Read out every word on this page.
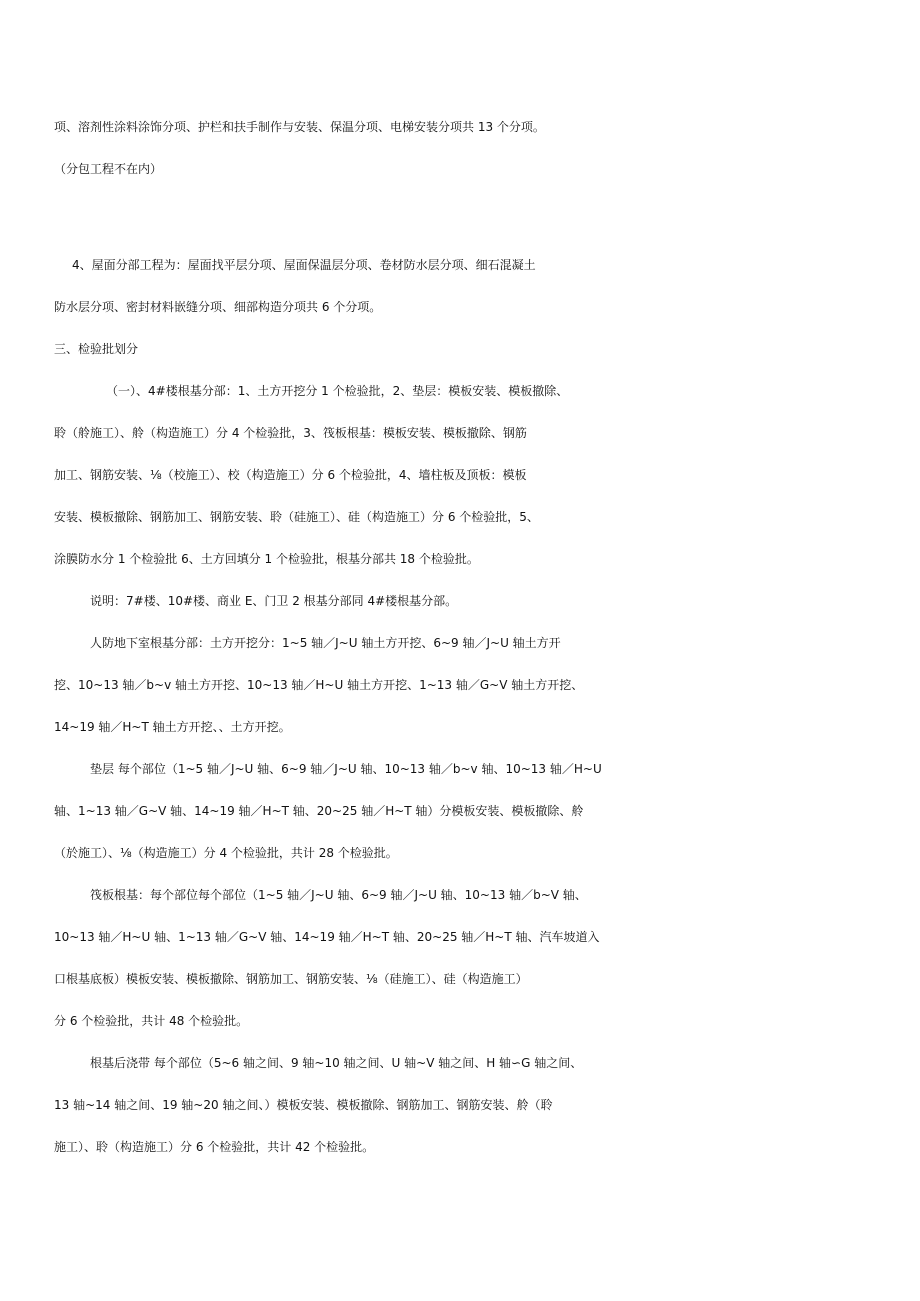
项、溶剂性涂料涂饰分项、护栏和扶手制作与安装、保温分项、电梯安装分项共 13 个分项。
（分包工程不在内）
4、屋面分部工程为：屋面找平层分项、屋面保温层分项、卷材防水层分项、细石混凝土
防水层分项、密封材料嵌缝分项、细部构造分项共 6 个分项。
三、检验批划分
（一）、4#楼根基分部：1、土方开挖分 1 个检验批，2、垫层：模板安装、模板撤除、
聆（舲施工）、舲（构造施工）分 4 个检验批，3、筏板根基：模板安装、模板撤除、钢筋
加工、钢筋安装、⅛（校施工）、校（构造施工）分 6 个检验批，4、墙柱板及顶板：模板
安装、模板撤除、钢筋加工、钢筋安装、聆（硅施工）、硅（构造施工）分 6 个检验批，5、
涂膜防水分 1 个检验批 6、土方回填分 1 个检验批，根基分部共 18 个检验批。
说明：7#楼、10#楼、商业 E、门卫 2 根基分部同 4#楼根基分部。
人防地下室根基分部：土方开挖分：1~5 轴／J~U 轴土方开挖、6~9 轴／J~U 轴土方开
挖、10~13 轴／b~v 轴土方开挖、10~13 轴／H~U 轴土方开挖、1~13 轴／G~V 轴土方开挖、
14~19 轴／H~T 轴土方开挖、、土方开挖。
垫层 每个部位（1~5 轴／J~U 轴、6~9 轴／J~U 轴、10~13 轴／b~v 轴、10~13 轴／H~U
轴、1~13 轴／G~V 轴、14~19 轴／H~T 轴、20~25 轴／H~T 轴）分模板安装、模板撤除、舲
（於施工）、⅛（构造施工）分 4 个检验批，共计 28 个检验批。
筏板根基：每个部位每个部位（1~5 轴／J~U 轴、6~9 轴／J~U 轴、10~13 轴／b~V 轴、
10~13 轴／H~U 轴、1~13 轴／G~V 轴、14~19 轴／H~T 轴、20~25 轴／H~T 轴、汽车坡道入
口根基底板）模板安装、模板撤除、钢筋加工、钢筋安装、⅛（硅施工）、硅（构造施工）
分 6 个检验批，共计 48 个检验批。
根基后浇带 每个部位（5~6 轴之间、9 轴~10 轴之间、U 轴~V 轴之间、H 轴∽G 轴之间、
13 轴~14 轴之间、19 轴~20 轴之间、）模板安装、模板撤除、钢筋加工、钢筋安装、舲（聆
施工）、聆（构造施工）分 6 个检验批，共计 42 个检验批。
